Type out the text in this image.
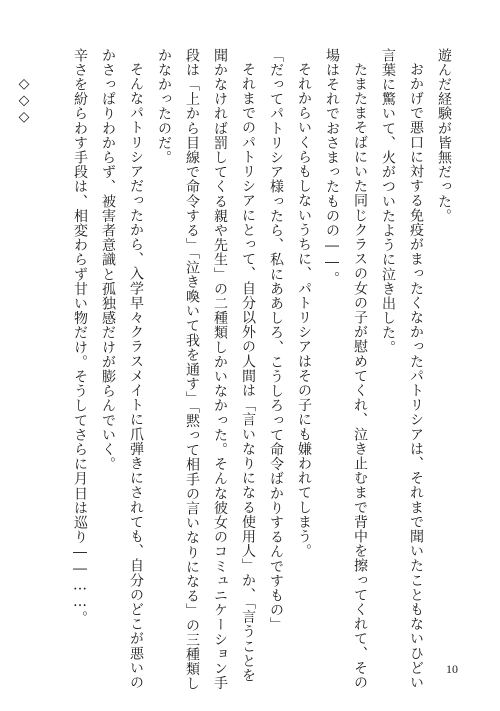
遊んだ経験が皆無だった。
おかげで悪口に対する免疫がまったくなかったパトリシアは、それまで聞いたこともないひどい
言葉に驚いて、火がついたように泣き出した。
たまたまそばにいた同じクラスの女の子が慰めてくれ、泣き止むまで背中を擦ってくれて、その
場はそれでおさまったものの――。
それからいくらもしないうちに、パトリシアはその子にも嫌われてしまう。
「だってパトリシア様ったら、私にああしろ、こうしろって命令ばかりするんですもの」
それまでのパトリシアにとって、自分以外の人間は「言いなりになる使用人」か、「言うことを
聞かなければ罰してくる親や先生」の二種類しかいなかった。そんな彼女のコミュニケーション手
段は「上から目線で命令する」「泣き喚いて我を通す」「黙って相手の言いなりになる」の三種類し
かなかったのだ。
そんなパトリシアだったから、入学早々クラスメイトに爪弾きにされても、自分のどこが悪いの
かさっぱりわからず、被害者意識と孤独感だけが膨らんでいく。
辛さを紛らわす手段は、相変わらず甘い物だけ。そうしてさらに月日は巡り――……。
◇◇◇
10
